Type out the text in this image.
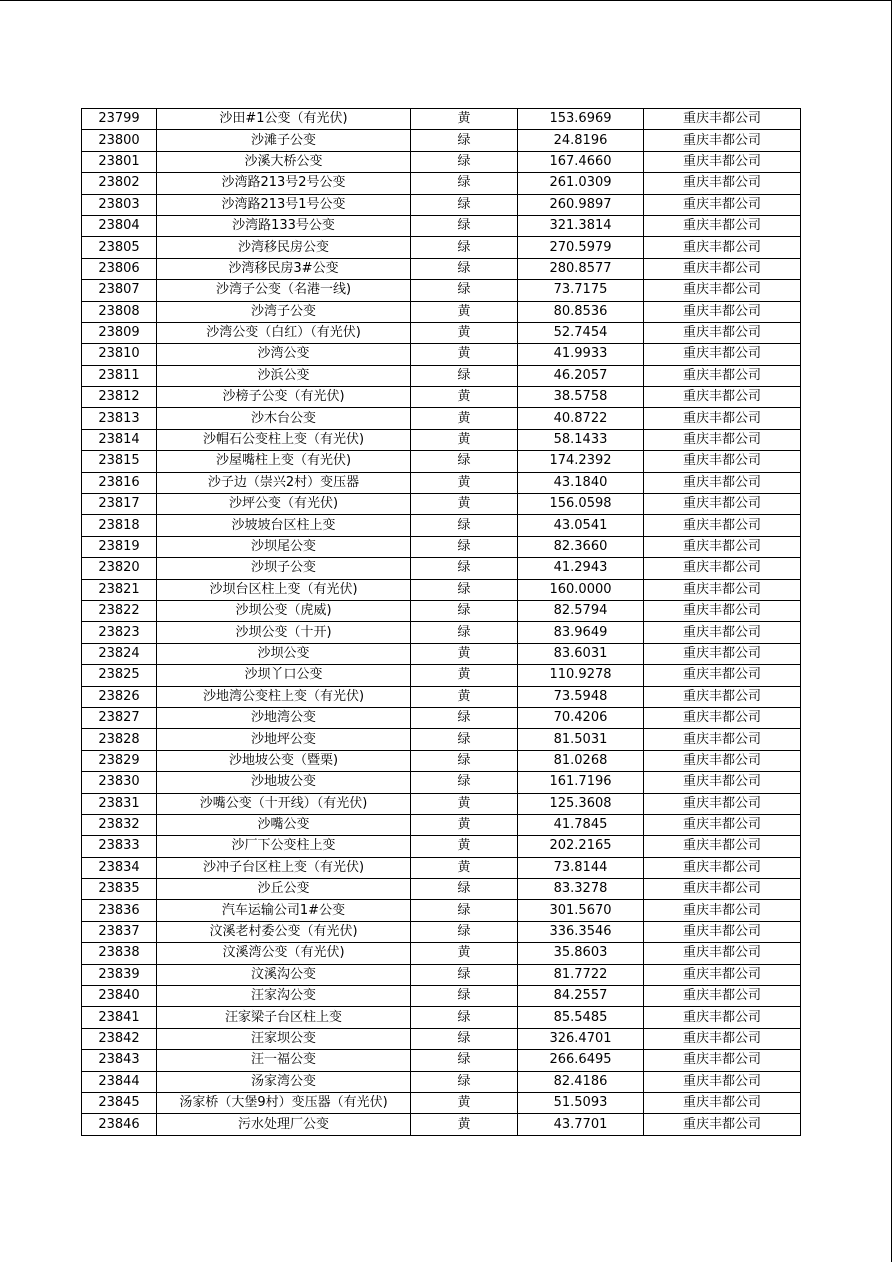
23799	沙田#1公变（有光伏)	黄	153.6969	重庆丰都公司
23800	沙滩子公变	绿	24.8196	重庆丰都公司
23801	沙溪大桥公变	绿	167.4660	重庆丰都公司
23802	沙湾路213号2号公变	绿	261.0309	重庆丰都公司
23803	沙湾路213号1号公变	绿	260.9897	重庆丰都公司
23804	沙湾路133号公变	绿	321.3814	重庆丰都公司
23805	沙湾移民房公变	绿	270.5979	重庆丰都公司
23806	沙湾移民房3#公变	绿	280.8577	重庆丰都公司
23807	沙湾子公变（名港一线)	绿	73.7175	重庆丰都公司
23808	沙湾子公变	黄	80.8536	重庆丰都公司
23809	沙湾公变（白红）（有光伏)	黄	52.7454	重庆丰都公司
23810	沙湾公变	黄	41.9933	重庆丰都公司
23811	沙浜公变	绿	46.2057	重庆丰都公司
23812	沙榜子公变（有光伏)	黄	38.5758	重庆丰都公司
23813	沙木台公变	黄	40.8722	重庆丰都公司
23814	沙帽石公变柱上变（有光伏)	黄	58.1433	重庆丰都公司
23815	沙屋嘴柱上变（有光伏)	绿	174.2392	重庆丰都公司
23816	沙子边（崇兴2村）变压器	黄	43.1840	重庆丰都公司
23817	沙坪公变（有光伏)	黄	156.0598	重庆丰都公司
23818	沙坡坡台区柱上变	绿	43.0541	重庆丰都公司
23819	沙坝尾公变	绿	82.3660	重庆丰都公司
23820	沙坝子公变	绿	41.2943	重庆丰都公司
23821	沙坝台区柱上变（有光伏)	绿	160.0000	重庆丰都公司
23822	沙坝公变（虎威)	绿	82.5794	重庆丰都公司
23823	沙坝公变（十开)	绿	83.9649	重庆丰都公司
23824	沙坝公变	黄	83.6031	重庆丰都公司
23825	沙坝丫口公变	黄	110.9278	重庆丰都公司
23826	沙地湾公变柱上变（有光伏)	黄	73.5948	重庆丰都公司
23827	沙地湾公变	绿	70.4206	重庆丰都公司
23828	沙地坪公变	绿	81.5031	重庆丰都公司
23829	沙地坡公变（暨栗)	绿	81.0268	重庆丰都公司
23830	沙地坡公变	绿	161.7196	重庆丰都公司
23831	沙嘴公变（十开线）（有光伏)	黄	125.3608	重庆丰都公司
23832	沙嘴公变	黄	41.7845	重庆丰都公司
23833	沙厂下公变柱上变	黄	202.2165	重庆丰都公司
23834	沙冲子台区柱上变（有光伏)	黄	73.8144	重庆丰都公司
23835	沙丘公变	绿	83.3278	重庆丰都公司
23836	汽车运输公司1#公变	绿	301.5670	重庆丰都公司
23837	汶溪老村委公变（有光伏)	绿	336.3546	重庆丰都公司
23838	汶溪湾公变（有光伏)	黄	35.8603	重庆丰都公司
23839	汶溪沟公变	绿	81.7722	重庆丰都公司
23840	汪家沟公变	绿	84.2557	重庆丰都公司
23841	汪家梁子台区柱上变	绿	85.5485	重庆丰都公司
23842	汪家坝公变	绿	326.4701	重庆丰都公司
23843	汪一福公变	绿	266.6495	重庆丰都公司
23844	汤家湾公变	绿	82.4186	重庆丰都公司
23845	汤家桥（大堡9村）变压器（有光伏)	黄	51.5093	重庆丰都公司
23846	污水处理厂公变	黄	43.7701	重庆丰都公司
